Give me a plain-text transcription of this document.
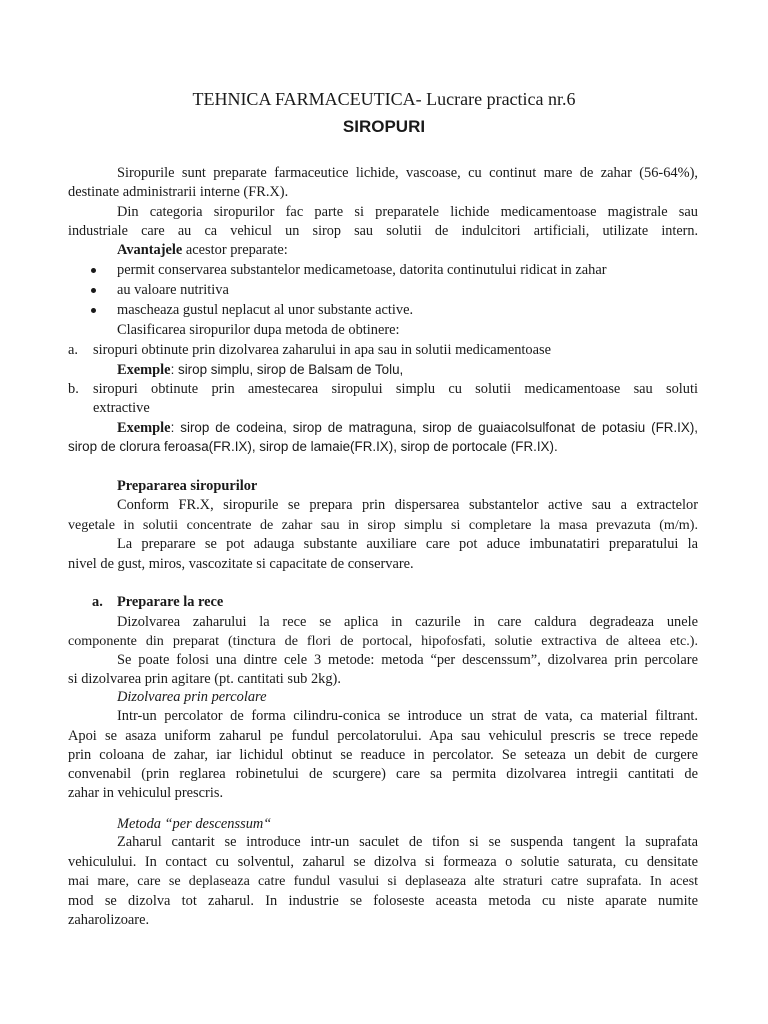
TEHNICA FARMACEUTICA- Lucrare practica nr.6
SIROPURI
Siropurile sunt preparate farmaceutice lichide, vascoase, cu continut mare de zahar (56-64%),
destinate administrarii interne (FR.X).
Din categoria siropurilor fac parte si preparatele lichide medicamentoase magistrale sau
industriale care au ca vehicul un sirop sau solutii de indulcitori artificiali, utilizate intern.
Avantajele acestor preparate:
permit conservarea substantelor medicametoase, datorita continutului ridicat in zahar
au valoare nutritiva
mascheaza gustul neplacut al unor substante active.
Clasificarea siropurilor dupa metoda de obtinere:
a. siropuri obtinute prin dizolvarea zaharului in apa sau in solutii medicamentoase
Exemple: sirop simplu, sirop de Balsam de Tolu,
b. siropuri obtinute prin amestecarea siropului simplu cu solutii medicamentoase sau soluti
extractive
Exemple: sirop de codeina, sirop de matraguna, sirop de guaiacolsulfonat de potasiu (FR.IX),
sirop de clorura feroasa(FR.IX), sirop de lamaie(FR.IX), sirop de portocale (FR.IX).
Prepararea siropurilor
Conform FR.X, siropurile se prepara prin dispersarea substantelor active sau a extractelor
vegetale in solutii concentrate de zahar sau in sirop simplu si completare la masa prevazuta (m/m).
La preparare se pot adauga substante auxiliare care pot aduce imbunatatiri preparatului la
nivel de gust, miros, vascozitate si capacitate de conservare.
a. Preparare la rece
Dizolvarea zaharului la rece se aplica in cazurile in care caldura degradeaza unele
componente din preparat (tinctura de flori de portocal, hipofosfati, solutie extractiva de alteea etc.).
Se poate folosi una dintre cele 3 metode: metoda “per descenssum”, dizolvarea prin percolare
si dizolvarea prin agitare (pt. cantitati sub 2kg).
Dizolvarea prin percolare
Intr-un percolator de forma cilindru-conica se introduce un strat de vata, ca material filtrant.
Apoi se asaza uniform zaharul pe fundul percolatorului. Apa sau vehiculul prescris se trece repede
prin coloana de zahar, iar lichidul obtinut se readuce in percolator. Se seteaza un debit de curgere
convenabil (prin reglarea robinetului de scurgere) care sa permita dizolvarea intregii cantitati de
zahar in vehiculul prescris.
Metoda “per descenssum“
Zaharul cantarit se introduce intr-un saculet de tifon si se suspenda tangent la suprafata
vehiculului. In contact cu solventul, zaharul se dizolva si formeaza o solutie saturata, cu densitate
mai mare, care se deplaseaza catre fundul vasului si deplaseaza alte straturi catre suprafata. In acest
mod se dizolva tot zaharul. In industrie se foloseste aceasta metoda cu niste aparate numite
zaharolizoare.
